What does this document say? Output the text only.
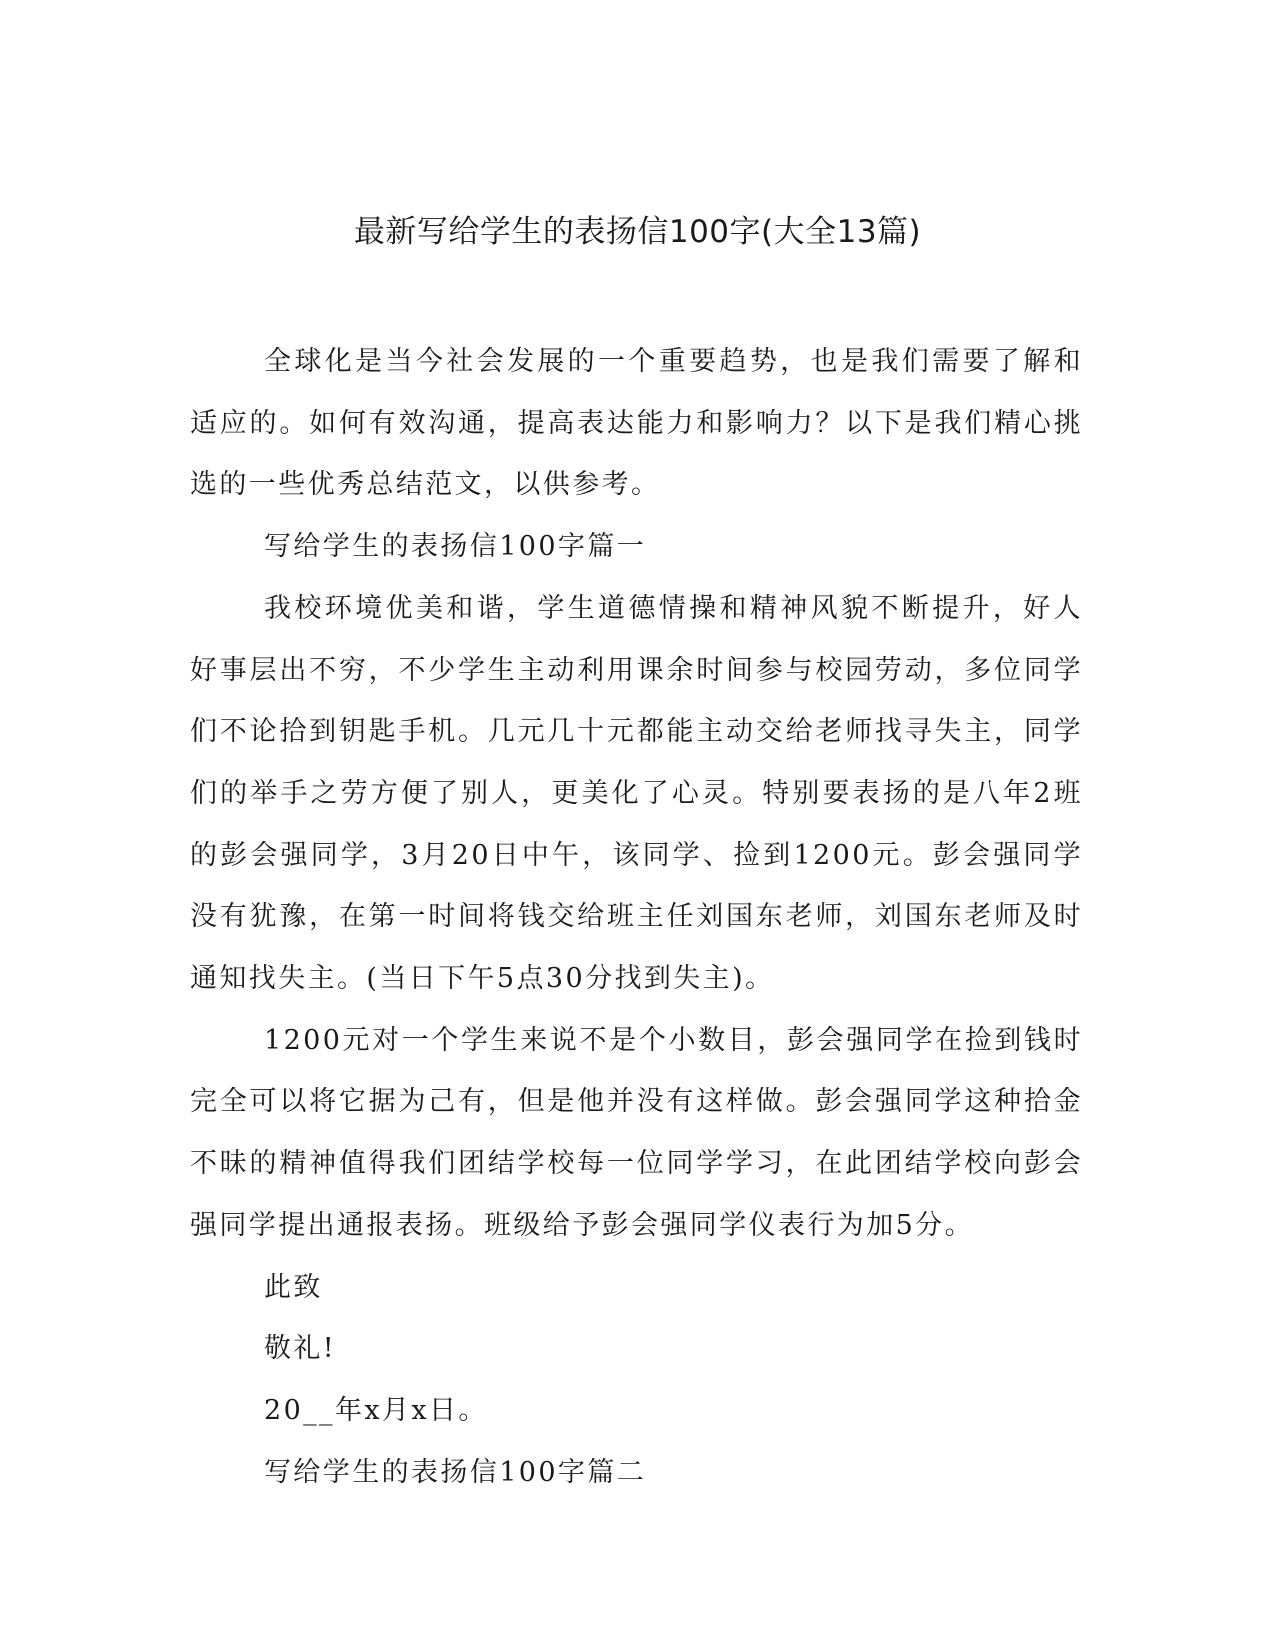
最新写给学生的表扬信100字(大全13篇)

全球化是当今社会发展的一个重要趋势，也是我们需要了解和适应的。如何有效沟通，提高表达能力和影响力？以下是我们精心挑选的一些优秀总结范文，以供参考。

写给学生的表扬信100字篇一

我校环境优美和谐，学生道德情操和精神风貌不断提升，好人好事层出不穷，不少学生主动利用课余时间参与校园劳动，多位同学们不论拾到钥匙手机。几元几十元都能主动交给老师找寻失主，同学们的举手之劳方便了别人，更美化了心灵。特别要表扬的是八年2班的彭会强同学，3月20日中午，该同学、捡到1200元。彭会强同学没有犹豫，在第一时间将钱交给班主任刘国东老师，刘国东老师及时通知找失主。(当日下午5点30分找到失主)。

1200元对一个学生来说不是个小数目，彭会强同学在捡到钱时完全可以将它据为己有，但是他并没有这样做。彭会强同学这种拾金不昧的精神值得我们团结学校每一位同学学习，在此团结学校向彭会强同学提出通报表扬。班级给予彭会强同学仪表行为加5分。

此致

敬礼!

20__年x月x日。

写给学生的表扬信100字篇二
